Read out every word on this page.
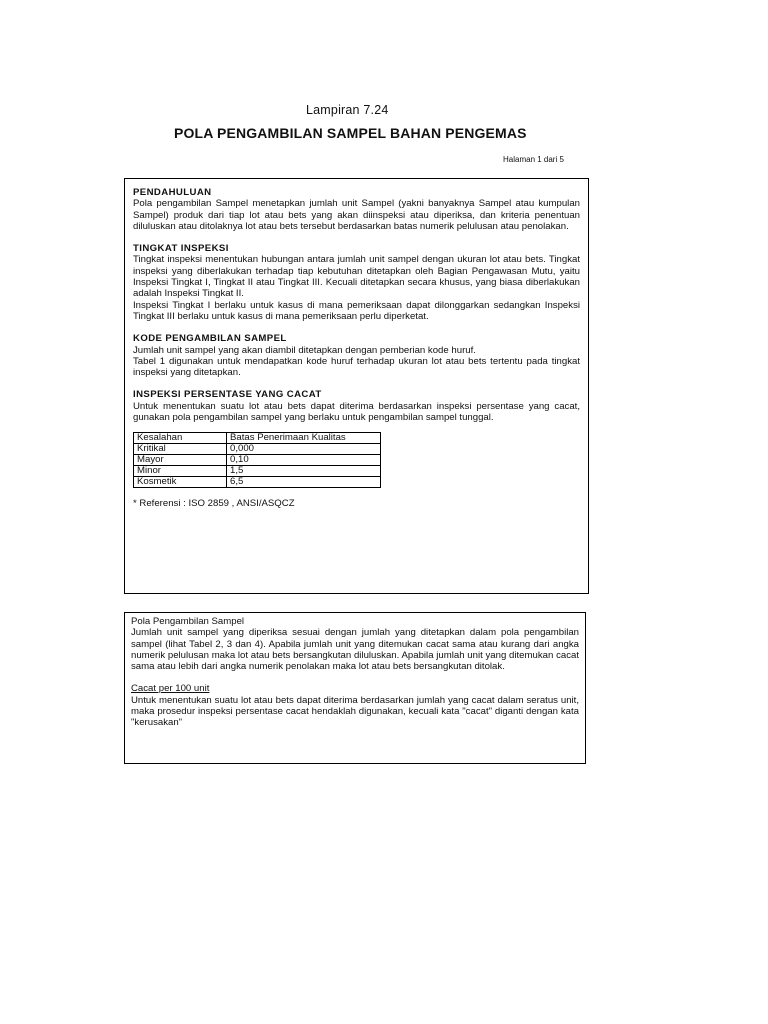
Lampiran 7.24
POLA PENGAMBILAN SAMPEL BAHAN PENGEMAS
Halaman 1 dari 5

PENDAHULUAN

Pola pengambilan Sampel menetapkan jumlah unit Sampel (yakni banyaknya Sampel atau kumpulan Sampel) produk dari tiap lot atau bets yang akan diinspeksi atau diperiksa, dan kriteria penentuan diluluskan atau ditolaknya lot atau bets tersebut berdasarkan batas numerik pelulusan atau penolakan.

TINGKAT INSPEKSI

Tingkat inspeksi menentukan hubungan antara jumlah unit sampel dengan ukuran lot atau bets. Tingkat inspeksi yang diberlakukan terhadap tiap kebutuhan ditetapkan oleh Bagian Pengawasan Mutu, yaitu Inspeksi Tingkat I, Tingkat II atau Tingkat III. Kecuali ditetapkan secara khusus, yang biasa diberlakukan adalah Inspeksi Tingkat II.

Inspeksi Tingkat I berlaku untuk kasus di mana pemeriksaan dapat dilonggarkan sedangkan Inspeksi Tingkat III berlaku untuk kasus di mana pemeriksaan perlu diperketat.

KODE PENGAMBILAN SAMPEL

Jumlah unit sampel yang akan diambil ditetapkan dengan pemberian kode huruf.

Tabel 1 digunakan untuk mendapatkan kode huruf terhadap ukuran lot atau bets tertentu pada tingkat inspeksi yang ditetapkan.

INSPEKSI PERSENTASE YANG CACAT

Untuk menentukan suatu lot atau bets dapat diterima berdasarkan inspeksi persentase yang cacat, gunakan pola pengambilan sampel yang berlaku untuk pengambilan sampel tunggal.

Kesalahan	Batas Penerimaan Kualitas
Kritikal	0,000
Mayor	0,10
Minor	1,5
Kosmetik	6,5

* Referensi : ISO 2859 , ANSI/ASQCZ

Pola Pengambilan Sampel

Jumlah unit sampel yang diperiksa sesuai dengan jumlah yang ditetapkan dalam pola pengambilan sampel (lihat Tabel 2, 3 dan 4). Apabila jumlah unit yang ditemukan cacat sama atau kurang dari angka numerik pelulusan maka lot atau bets bersangkutan diluluskan. Apabila jumlah unit yang ditemukan cacat sama atau lebih dari angka numerik penolakan maka lot atau bets bersangkutan ditolak.

Cacat per 100 unit

Untuk menentukan suatu lot atau bets dapat diterima berdasarkan jumlah yang cacat dalam seratus unit, maka prosedur inspeksi persentase cacat hendaklah digunakan, kecuali kata "cacat" diganti dengan kata "kerusakan"
